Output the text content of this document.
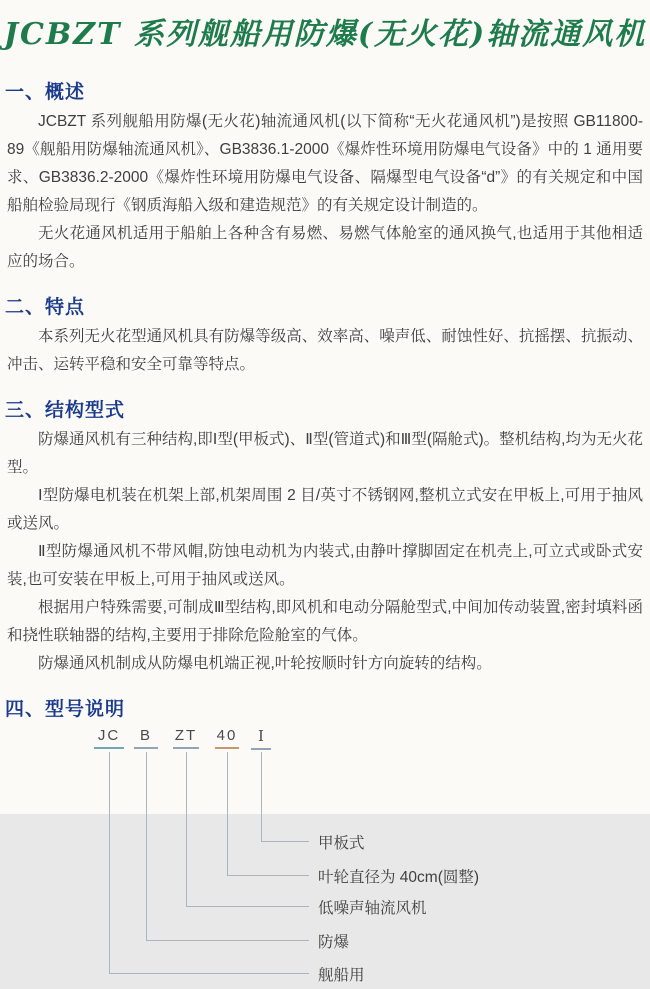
JCBZT 系列舰船用防爆(无火花)轴流通风机
一、概述

JCBZT 系列舰船用防爆(无火花)轴流通风机(以下简称“无火花通风机”)是按照 GB11800-89《舰船用防爆轴流通风机》、GB3836.1-2000《爆炸性环境用防爆电气设备》中的 1 通用要求、GB3836.2-2000《爆炸性环境用防爆电气设备、隔爆型电气设备“d”》的有关规定和中国船舶检验局现行《钢质海船入级和建造规范》的有关规定设计制造的。

无火花通风机适用于船舶上各种含有易燃、易燃气体舱室的通风换气,也适用于其他相适应的场合。

二、特点

本系列无火花型通风机具有防爆等级高、效率高、噪声低、耐蚀性好、抗摇摆、抗振动、冲击、运转平稳和安全可靠等特点。

三、结构型式

防爆通风机有三种结构,即Ⅰ型(甲板式)、Ⅱ型(管道式)和Ⅲ型(隔舱式)。整机结构,均为无火花型。

Ⅰ型防爆电机装在机架上部,机架周围 2 目/英寸不锈钢网,整机立式安在甲板上,可用于抽风或送风。

Ⅱ型防爆通风机不带风帽,防蚀电动机为内装式,由静叶撑脚固定在机壳上,可立式或卧式安装,也可安装在甲板上,可用于抽风或送风。

根据用户特殊需要,可制成Ⅲ型结构,即风机和电动分隔舱型式,中间加传动装置,密封填料函和挠性联轴器的结构,主要用于排除危险舱室的气体。

防爆通风机制成从防爆电机端正视,叶轮按顺时针方向旋转的结构。

四、型号说明
JC	B	ZT 40	Ⅰ
甲板式
叶轮直径为 40cm(圆整)
低噪声轴流风机
防爆
舰船用
